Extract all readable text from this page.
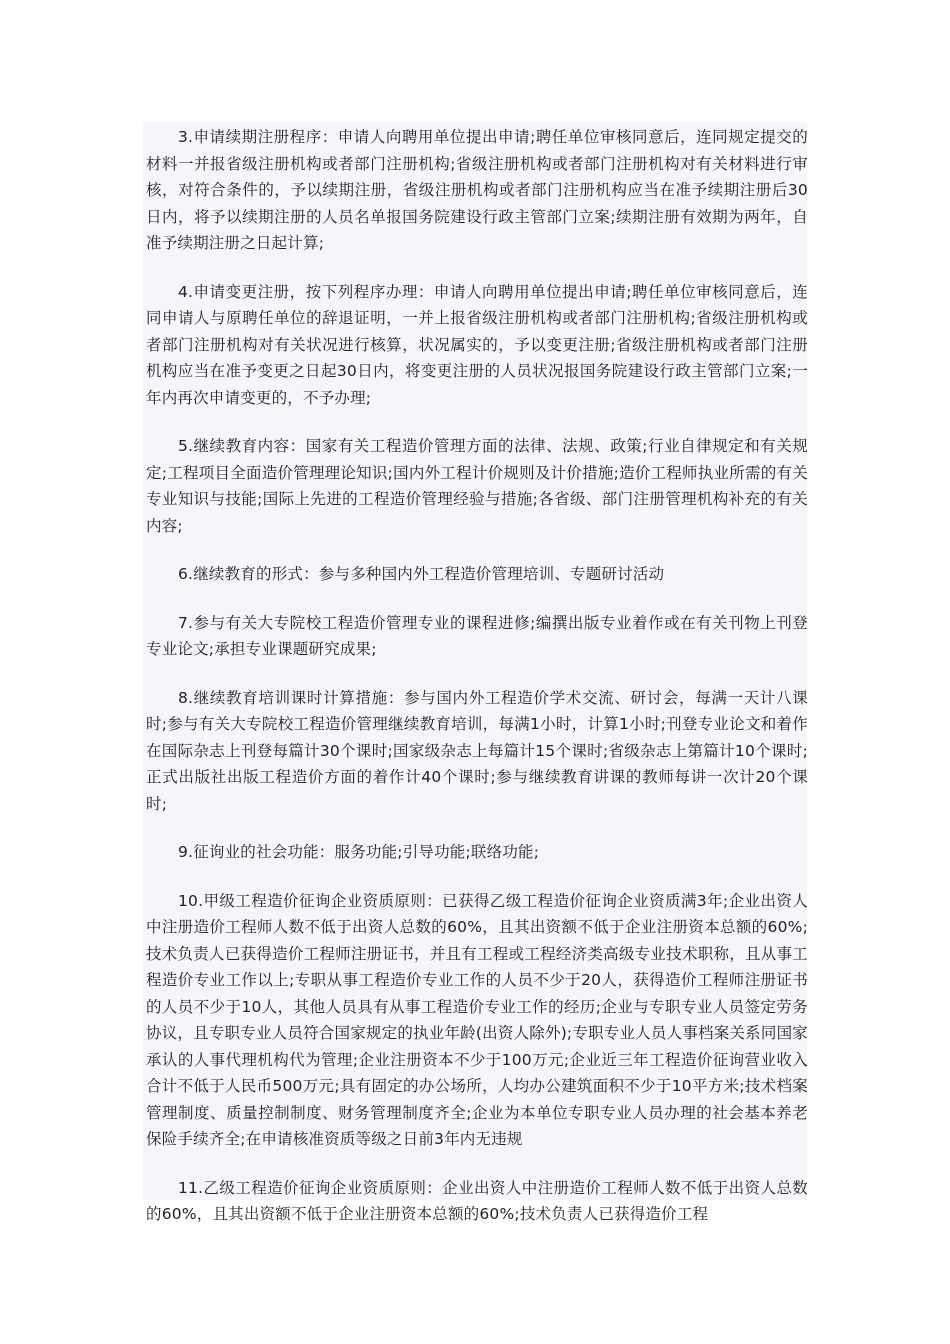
3.申请续期注册程序：申请人向聘用单位提出申请;聘任单位审核同意后，连同规定提交的材料一并报省级注册机构或者部门注册机构;省级注册机构或者部门注册机构对有关材料进行审核，对符合条件的，予以续期注册，省级注册机构或者部门注册机构应当在准予续期注册后30日内，将予以续期注册的人员名单报国务院建设行政主管部门立案;续期注册有效期为两年，自准予续期注册之日起计算;

4.申请变更注册，按下列程序办理：申请人向聘用单位提出申请;聘任单位审核同意后，连同申请人与原聘任单位的辞退证明，一并上报省级注册机构或者部门注册机构;省级注册机构或者部门注册机构对有关状况进行核算，状况属实的，予以变更注册;省级注册机构或者部门注册机构应当在准予变更之日起30日内，将变更注册的人员状况报国务院建设行政主管部门立案;一年内再次申请变更的，不予办理;

5.继续教育内容：国家有关工程造价管理方面的法律、法规、政策;行业自律规定和有关规定;工程项目全面造价管理理论知识;国内外工程计价规则及计价措施;造价工程师执业所需的有关专业知识与技能;国际上先进的工程造价管理经验与措施;各省级、部门注册管理机构补充的有关内容;

6.继续教育的形式：参与多种国内外工程造价管理培训、专题研讨活动

7.参与有关大专院校工程造价管理专业的课程进修;编撰出版专业着作或在有关刊物上刊登专业论文;承担专业课题研究成果;

8.继续教育培训课时计算措施：参与国内外工程造价学术交流、研讨会，每满一天计八课时;参与有关大专院校工程造价管理继续教育培训，每满1小时，计算1小时;刊登专业论文和着作在国际杂志上刊登每篇计30个课时;国家级杂志上每篇计15个课时;省级杂志上第篇计10个课时;正式出版社出版工程造价方面的着作计40个课时;参与继续教育讲课的教师每讲一次计20个课时;

9.征询业的社会功能：服务功能;引导功能;联络功能;

10.甲级工程造价征询企业资质原则：已获得乙级工程造价征询企业资质满3年;企业出资人中注册造价工程师人数不低于出资人总数的60%，且其出资额不低于企业注册资本总额的60%;技术负责人已获得造价工程师注册证书，并且有工程或工程经济类高级专业技术职称，且从事工程造价专业工作以上;专职从事工程造价专业工作的人员不少于20人，获得造价工程师注册证书的人员不少于10人，其他人员具有从事工程造价专业工作的经历;企业与专职专业人员签定劳务协议，且专职专业人员符合国家规定的执业年龄(出资人除外);专职专业人员人事档案关系同国家承认的人事代理机构代为管理;企业注册资本不少于100万元;企业近三年工程造价征询营业收入合计不低于人民币500万元;具有固定的办公场所，人均办公建筑面积不少于10平方米;技术档案管理制度、质量控制制度、财务管理制度齐全;企业为本单位专职专业人员办理的社会基本养老保险手续齐全;在申请核准资质等级之日前3年内无违规

11.乙级工程造价征询企业资质原则：企业出资人中注册造价工程师人数不低于出资人总数的60%，且其出资额不低于企业注册资本总额的60%;技术负责人已获得造价工程
